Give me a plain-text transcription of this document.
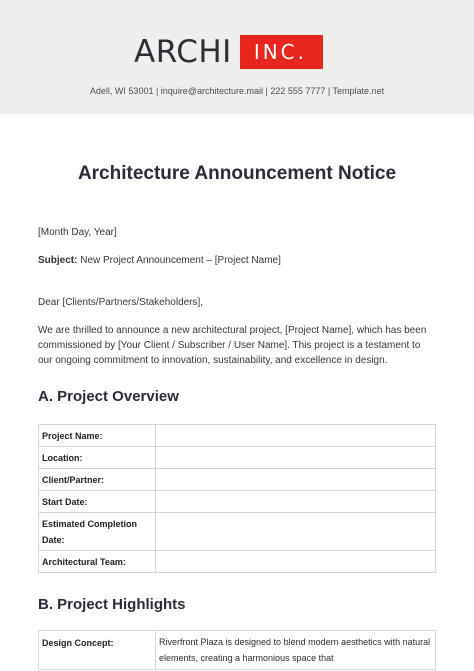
ARCHI	INC.
Adell, WI 53001 | inquire@architecture.mail | 222 555 7777 | Template.net
Architecture Announcement Notice
[Month Day, Year]
Subject: New Project Announcement – [Project Name]
Dear [Clients/Partners/Stakeholders],
We are thrilled to announce a new architectural project, [Project Name], which has been
commissioned by [Your Client / Subscriber / User Name]. This project is a testament to
our ongoing commitment to innovation, sustainability, and excellence in design.
A. Project Overview
Project Name:	
Location:	
Client/Partner:	
Start Date:	
Estimated Completion Date:	
Architectural Team:	
B. Project Highlights
Design Concept:	Riverfront Plaza is designed to blend modern aesthetics with natural elements, creating a harmonious space that
